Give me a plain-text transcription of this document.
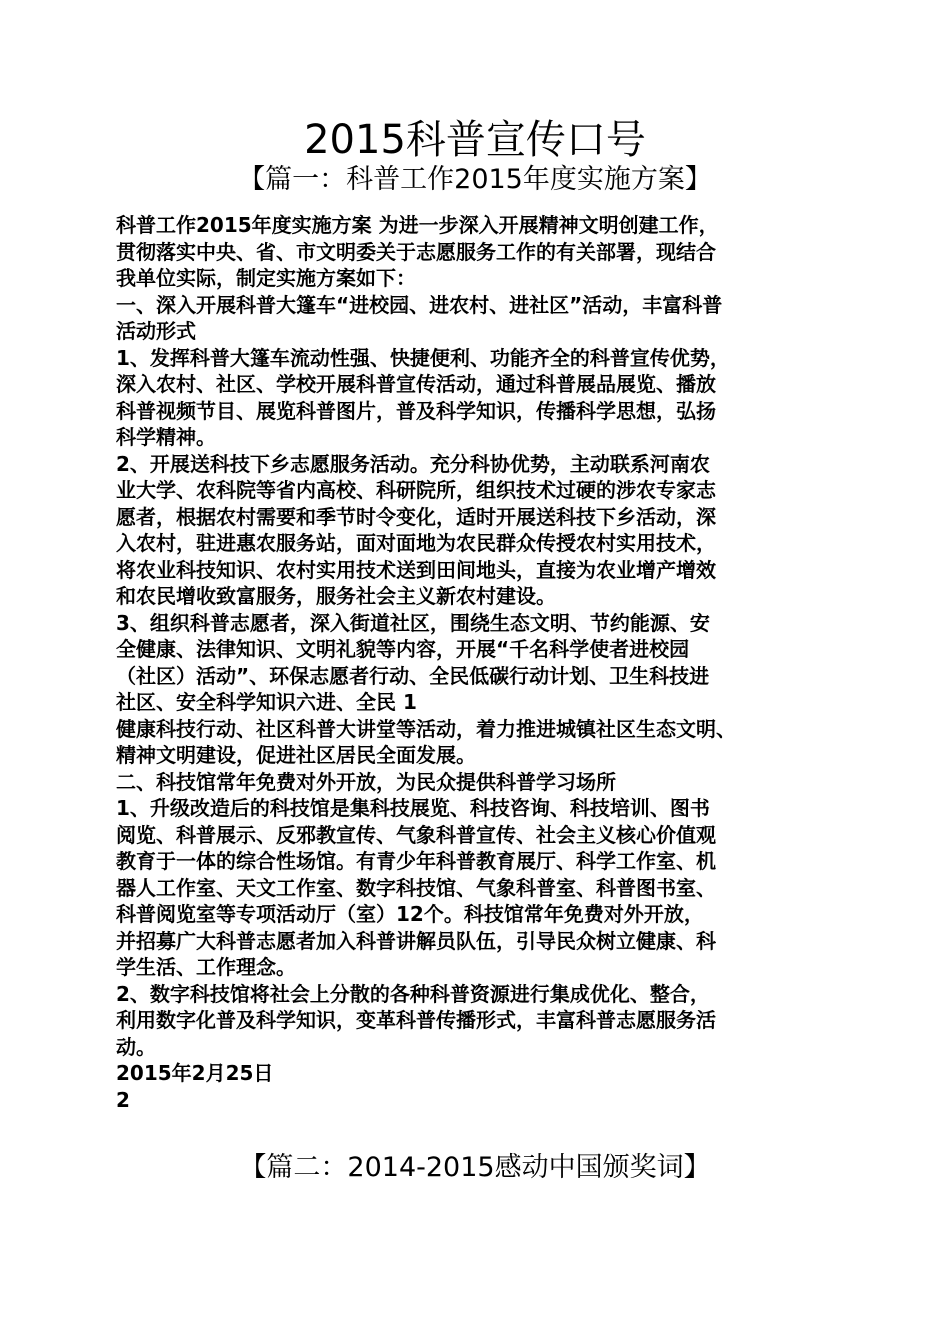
2015科普宣传口号
【篇一：科普工作2015年度实施方案】
科普工作2015年度实施方案 为进一步深入开展精神文明创建工作，
贯彻落实中央、省、市文明委关于志愿服务工作的有关部署，现结合
我单位实际，制定实施方案如下：
一、深入开展科普大篷车“进校园、进农村、进社区”活动，丰富科普
活动形式
1、发挥科普大篷车流动性强、快捷便利、功能齐全的科普宣传优势，
深入农村、社区、学校开展科普宣传活动，通过科普展品展览、播放
科普视频节目、展览科普图片，普及科学知识，传播科学思想，弘扬
科学精神。
2、开展送科技下乡志愿服务活动。充分科协优势，主动联系河南农
业大学、农科院等省内高校、科研院所，组织技术过硬的涉农专家志
愿者，根据农村需要和季节时令变化，适时开展送科技下乡活动，深
入农村，驻进惠农服务站，面对面地为农民群众传授农村实用技术，
将农业科技知识、农村实用技术送到田间地头，直接为农业增产增效
和农民增收致富服务，服务社会主义新农村建设。
3、组织科普志愿者，深入街道社区，围绕生态文明、节约能源、安
全健康、法律知识、文明礼貌等内容，开展“千名科学使者进校园
（社区）活动”、环保志愿者行动、全民低碳行动计划、卫生科技进
社区、安全科学知识六进、全民 1
健康科技行动、社区科普大讲堂等活动，着力推进城镇社区生态文明、
精神文明建设，促进社区居民全面发展。
二、科技馆常年免费对外开放，为民众提供科普学习场所
1、升级改造后的科技馆是集科技展览、科技咨询、科技培训、图书
阅览、科普展示、反邪教宣传、气象科普宣传、社会主义核心价值观
教育于一体的综合性场馆。有青少年科普教育展厅、科学工作室、机
器人工作室、天文工作室、数字科技馆、气象科普室、科普图书室、
科普阅览室等专项活动厅（室）12个。科技馆常年免费对外开放，
并招募广大科普志愿者加入科普讲解员队伍，引导民众树立健康、科
学生活、工作理念。
2、数字科技馆将社会上分散的各种科普资源进行集成优化、整合，
利用数字化普及科学知识，变革科普传播形式，丰富科普志愿服务活
动。
2015年2月25日
2
【篇二：2014-2015感动中国颁奖词】
